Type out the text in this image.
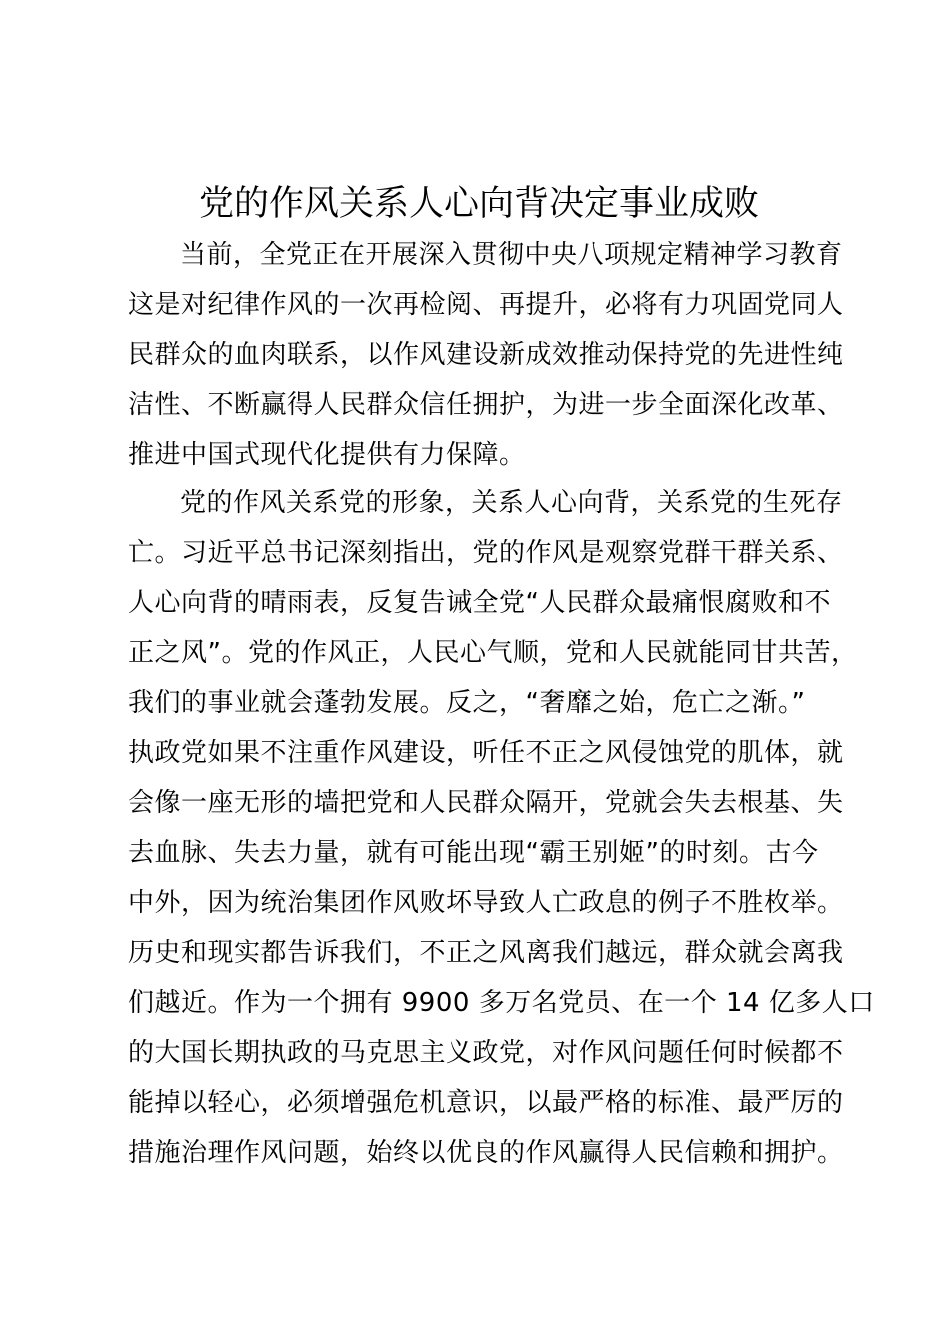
党的作风关系人心向背决定事业成败
当前，全党正在开展深入贯彻中央八项规定精神学习教育
这是对纪律作风的一次再检阅、再提升，必将有力巩固党同人
民群众的血肉联系，以作风建设新成效推动保持党的先进性纯
洁性、不断赢得人民群众信任拥护，为进一步全面深化改革、
推进中国式现代化提供有力保障。
党的作风关系党的形象，关系人心向背，关系党的生死存
亡。习近平总书记深刻指出，党的作风是观察党群干群关系、
人心向背的晴雨表，反复告诫全党“人民群众最痛恨腐败和不
正之风”。党的作风正，人民心气顺，党和人民就能同甘共苦，
我们的事业就会蓬勃发展。反之，“奢靡之始，危亡之渐。”
执政党如果不注重作风建设，听任不正之风侵蚀党的肌体，就
会像一座无形的墙把党和人民群众隔开，党就会失去根基、失
去血脉、失去力量，就有可能出现“霸王别姬”的时刻。古今
中外，因为统治集团作风败坏导致人亡政息的例子不胜枚举。
历史和现实都告诉我们，不正之风离我们越远，群众就会离我
们越近。作为一个拥有 9900 多万名党员、在一个 14 亿多人口
的大国长期执政的马克思主义政党，对作风问题任何时候都不
能掉以轻心，必须增强危机意识，以最严格的标准、最严厉的
措施治理作风问题，始终以优良的作风赢得人民信赖和拥护。
